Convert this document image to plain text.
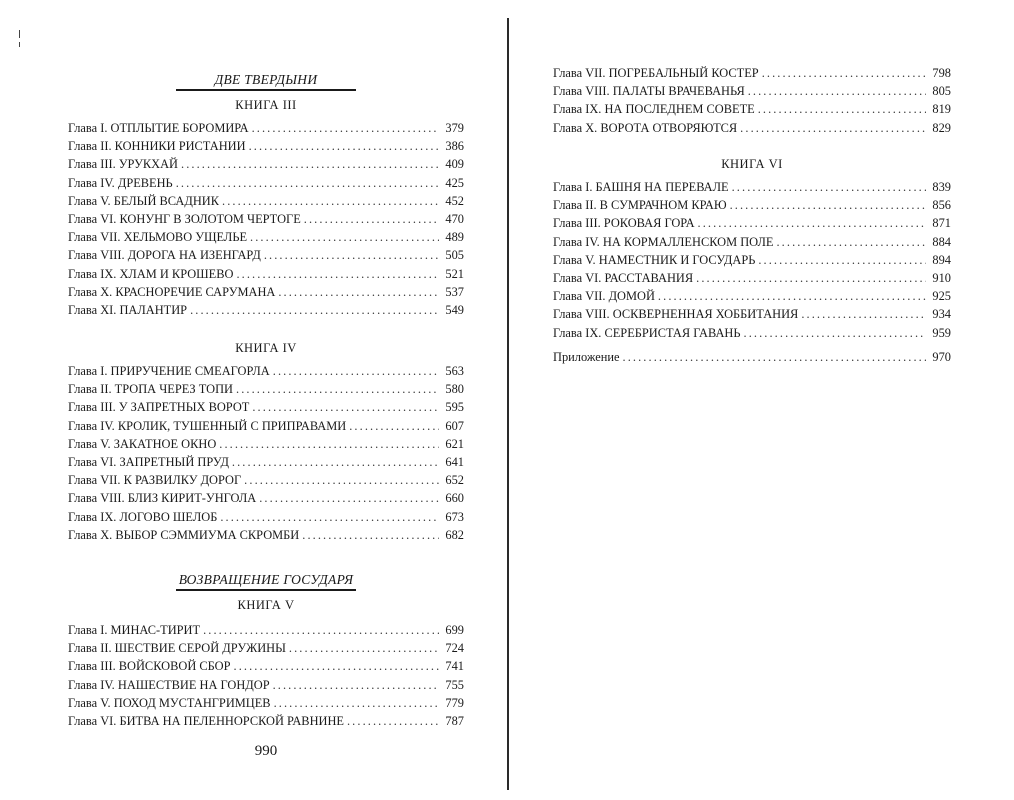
ДВЕ ТВЕРДЫНИ
КНИГА III
Глава I. ОТПЛЫТИЕ БОРОМИРА . . .	379
Глава II. КОННИКИ РИСТАНИИ . . .	386
Глава III. УРУКХАЙ . . .	409
Глава IV. ДРЕВЕНЬ . . .	425
Глава V. БЕЛЫЙ ВСАДНИК . . .	452
Глава VI. КОНУНГ В ЗОЛОТОМ ЧЕРТОГЕ . . .	470
Глава VII. ХЕЛЬМОВО УЩЕЛЬЕ . . .	489
Глава VIII. ДОРОГА НА ИЗЕНГАРД . . .	505
Глава IX. ХЛАМ И КРОШЕВО . . .	521
Глава X. КРАСНОРЕЧИЕ САРУМАНА . . .	537
Глава XI. ПАЛАНТИР . . .	549
КНИГА IV
Глава I. ПРИРУЧЕНИЕ СМЕАГОРЛА . . .	563
Глава II. ТРОПА ЧЕРЕЗ ТОПИ . . .	580
Глава III. У ЗАПРЕТНЫХ ВОРОТ . . .	595
Глава IV. КРОЛИК, ТУШЕННЫЙ С ПРИПРАВАМИ . . .	607
Глава V. ЗАКАТНОЕ ОКНО . . .	621
Глава VI. ЗАПРЕТНЫЙ ПРУД . . .	641
Глава VII. К РАЗВИЛКУ ДОРОГ . . .	652
Глава VIII. БЛИЗ КИРИТ-УНГОЛА . . .	660
Глава IX. ЛОГОВО ШЕЛОБ . . .	673
Глава X. ВЫБОР СЭММИУМА СКРОМБИ . . .	682
ВОЗВРАЩЕНИЕ ГОСУДАРЯ
КНИГА V
Глава I. МИНАС-ТИРИТ . . .	699
Глава II. ШЕСТВИЕ СЕРОЙ ДРУЖИНЫ . . .	724
Глава III. ВОЙСКОВОЙ СБОР . . .	741
Глава IV. НАШЕСТВИЕ НА ГОНДОР . . .	755
Глава V. ПОХОД МУСТАНГРИМЦЕВ . . .	779
Глава VI. БИТВА НА ПЕЛЕННОРСКОЙ РАВНИНЕ . . .	787
990
Глава VII. ПОГРЕБАЛЬНЫЙ КОСТЕР . . .	798
Глава VIII. ПАЛАТЫ ВРАЧЕВАНЬЯ . . .	805
Глава IX. НА ПОСЛЕДНЕМ СОВЕТЕ . . .	819
Глава X. ВОРОТА ОТВОРЯЮТСЯ . . .	829
КНИГА VI
Глава I. БАШНЯ НА ПЕРЕВАЛЕ . . .	839
Глава II. В СУМРАЧНОМ КРАЮ . . .	856
Глава III. РОКОВАЯ ГОРА . . .	871
Глава IV. НА КОРМАЛЛЕНСКОМ ПОЛЕ . . .	884
Глава V. НАМЕСТНИК И ГОСУДАРЬ . . .	894
Глава VI. РАССТАВАНИЯ . . .	910
Глава VII. ДОМОЙ . . .	925
Глава VIII. ОСКВЕРНЕННАЯ ХОББИТАНИЯ . . .	934
Глава IX. СЕРЕБРИСТАЯ ГАВАНЬ . . .	959
Приложение . . .	970
